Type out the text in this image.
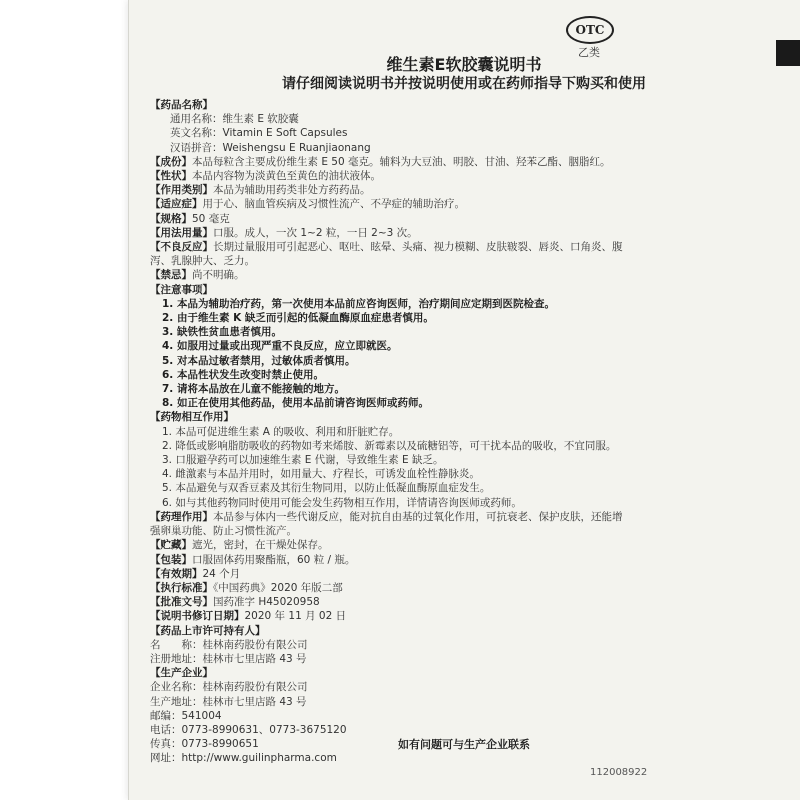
OTC
乙类
维生素E软胶囊说明书
请仔细阅读说明书并按说明使用或在药师指导下购买和使用
【药品名称】
通用名称：维生素 E 软胶囊
英文名称：Vitamin E Soft Capsules
汉语拼音：Weishengsu E Ruanjiaonang
【成份】本品每粒含主要成份维生素 E 50 毫克。辅料为大豆油、明胶、甘油、羟苯乙酯、胭脂红。
【性状】本品内容物为淡黄色至黄色的油状液体。
【作用类别】本品为辅助用药类非处方药药品。
【适应症】用于心、脑血管疾病及习惯性流产、不孕症的辅助治疗。
【规格】50 毫克
【用法用量】口服。成人，一次 1~2 粒，一日 2~3 次。
【不良反应】长期过量服用可引起恶心、呕吐、眩晕、头痛、视力模糊、皮肤皲裂、唇炎、口角炎、腹
泻、乳腺肿大、乏力。
【禁忌】尚不明确。
【注意事项】
1. 本品为辅助治疗药，第一次使用本品前应咨询医师，治疗期间应定期到医院检查。
2. 由于维生素 K 缺乏而引起的低凝血酶原血症患者慎用。
3. 缺铁性贫血患者慎用。
4. 如服用过量或出现严重不良反应，应立即就医。
5. 对本品过敏者禁用，过敏体质者慎用。
6. 本品性状发生改变时禁止使用。
7. 请将本品放在儿童不能接触的地方。
8. 如正在使用其他药品，使用本品前请咨询医师或药师。
【药物相互作用】
1. 本品可促进维生素 A 的吸收、利用和肝脏贮存。
2. 降低或影响脂肪吸收的药物如考来烯胺、新霉素以及硫糖铝等，可干扰本品的吸收，不宜同服。
3. 口服避孕药可以加速维生素 E 代谢，导致维生素 E 缺乏。
4. 雌激素与本品并用时，如用量大、疗程长，可诱发血栓性静脉炎。
5. 本品避免与双香豆素及其衍生物同用，以防止低凝血酶原血症发生。
6. 如与其他药物同时使用可能会发生药物相互作用，详情请咨询医师或药师。
【药理作用】本品参与体内一些代谢反应，能对抗自由基的过氧化作用，可抗衰老、保护皮肤，还能增
强卵巢功能、防止习惯性流产。
【贮藏】遮光，密封，在干燥处保存。
【包装】口服固体药用聚酯瓶，60 粒 / 瓶。
【有效期】24 个月
【执行标准】《中国药典》2020 年版二部
【批准文号】国药准字 H45020958
【说明书修订日期】2020 年 11 月 02 日
【药品上市许可持有人】
名　　称：桂林南药股份有限公司
注册地址：桂林市七里店路 43 号
【生产企业】
企业名称：桂林南药股份有限公司
生产地址：桂林市七里店路 43 号
邮编：541004
电话：0773-8990631、0773-3675120
传真：0773-8990651
网址：http://www.guilinpharma.com
如有问题可与生产企业联系
112008922
